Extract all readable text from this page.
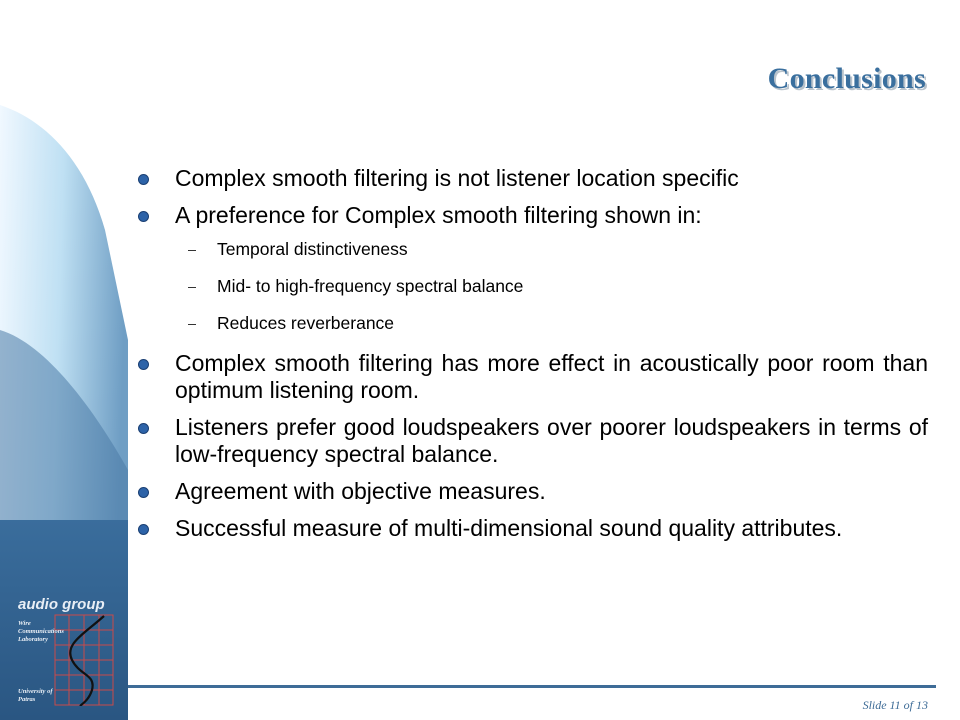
audio group
Wire Communications Laboratory
University of Patras
Conclusions
Complex smooth filtering is not listener location specific
A preference for Complex smooth filtering shown in:
Temporal distinctiveness
Mid- to high-frequency spectral balance
Reduces reverberance
Complex smooth filtering has more effect in acoustically poor room than optimum listening room.
Listeners prefer good loudspeakers over poorer loudspeakers in terms of low-frequency spectral balance.
Agreement with objective measures.
Successful measure of multi-dimensional sound quality attributes.
Slide 11 of 13
